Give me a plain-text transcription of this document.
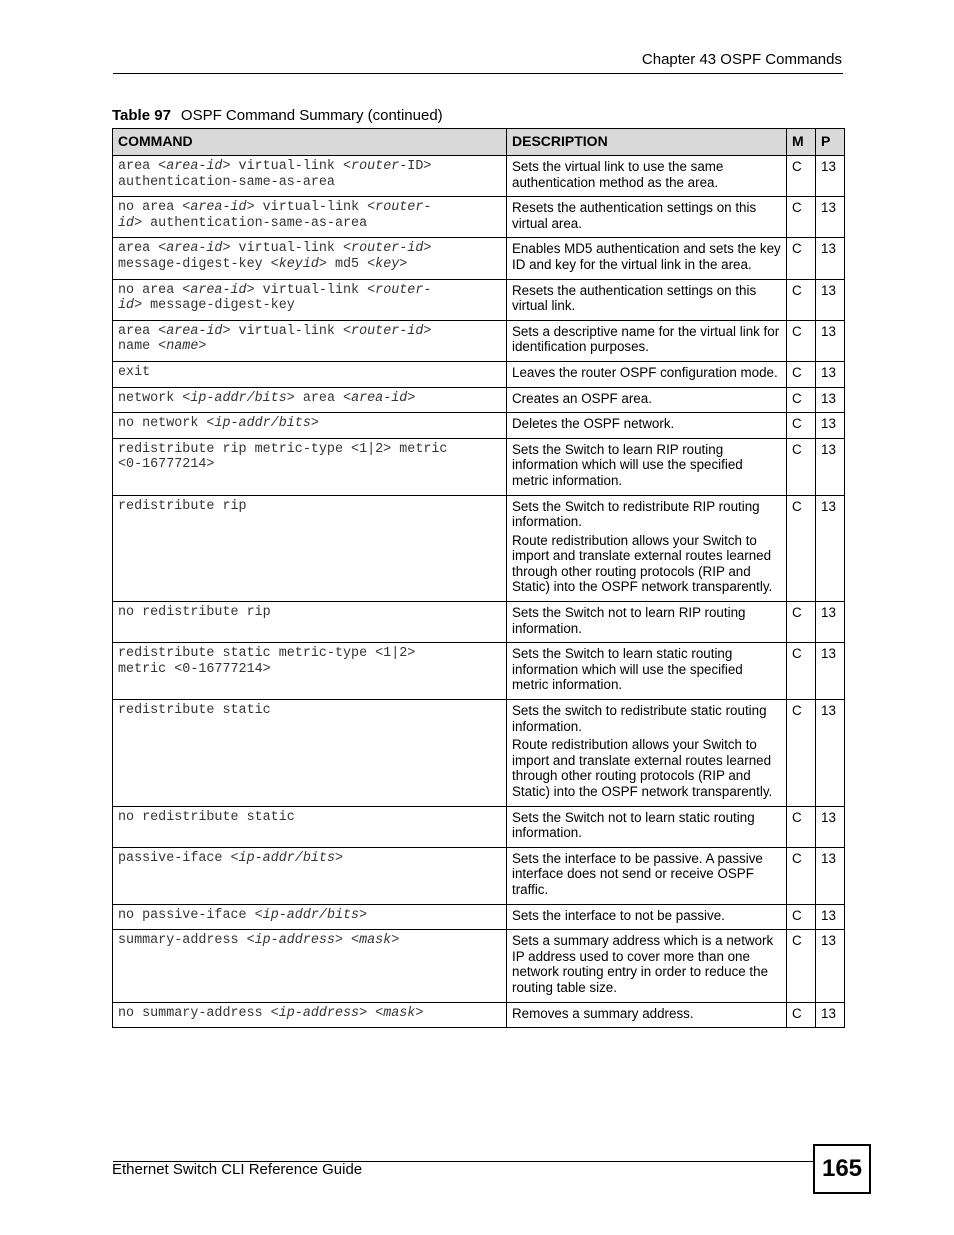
Chapter 43 OSPF Commands
Table 97 OSPF Command Summary (continued)
COMMAND	DESCRIPTION	M	P
area <area-id> virtual-link <router-ID>
authentication-same-as-area	Sets the virtual link to use the same authentication method as the area.	C	13
no area <area-id> virtual-link <router-
id> authentication-same-as-area	Resets the authentication settings on this virtual area.	C	13
area <area-id> virtual-link <router-id>
message-digest-key <keyid> md5 <key>	Enables MD5 authentication and sets the key ID and key for the virtual link in the area.	C	13
no area <area-id> virtual-link <router-
id> message-digest-key	Resets the authentication settings on this virtual link.	C	13
area <area-id> virtual-link <router-id>
name <name>	Sets a descriptive name for the virtual link for identification purposes.	C	13
exit	Leaves the router OSPF configuration mode.	C	13
network <ip-addr/bits> area <area-id>	Creates an OSPF area.	C	13
no network <ip-addr/bits>	Deletes the OSPF network.	C	13
redistribute rip metric-type <1|2> metric
<0-16777214>	Sets the Switch to learn RIP routing information which will use the specified metric information.	C	13
redistribute rip	Sets the Switch to redistribute RIP routing information.

Route redistribution allows your Switch to import and translate external routes learned through other routing protocols (RIP and Static) into the OSPF network transparently.	C	13
no redistribute rip	Sets the Switch not to learn RIP routing information.	C	13
redistribute static metric-type <1|2>
metric <0-16777214>	Sets the Switch to learn static routing information which will use the specified metric information.	C	13
redistribute static	Sets the switch to redistribute static routing information.

Route redistribution allows your Switch to import and translate external routes learned through other routing protocols (RIP and Static) into the OSPF network transparently.	C	13
no redistribute static	Sets the Switch not to learn static routing information.	C	13
passive-iface <ip-addr/bits>	Sets the interface to be passive. A passive interface does not send or receive OSPF traffic.	C	13
no passive-iface <ip-addr/bits>	Sets the interface to not be passive.	C	13
summary-address <ip-address> <mask>	Sets a summary address which is a network IP address used to cover more than one network routing entry in order to reduce the routing table size.	C	13
no summary-address <ip-address> <mask>	Removes a summary address.	C	13
Ethernet Switch CLI Reference Guide	165
